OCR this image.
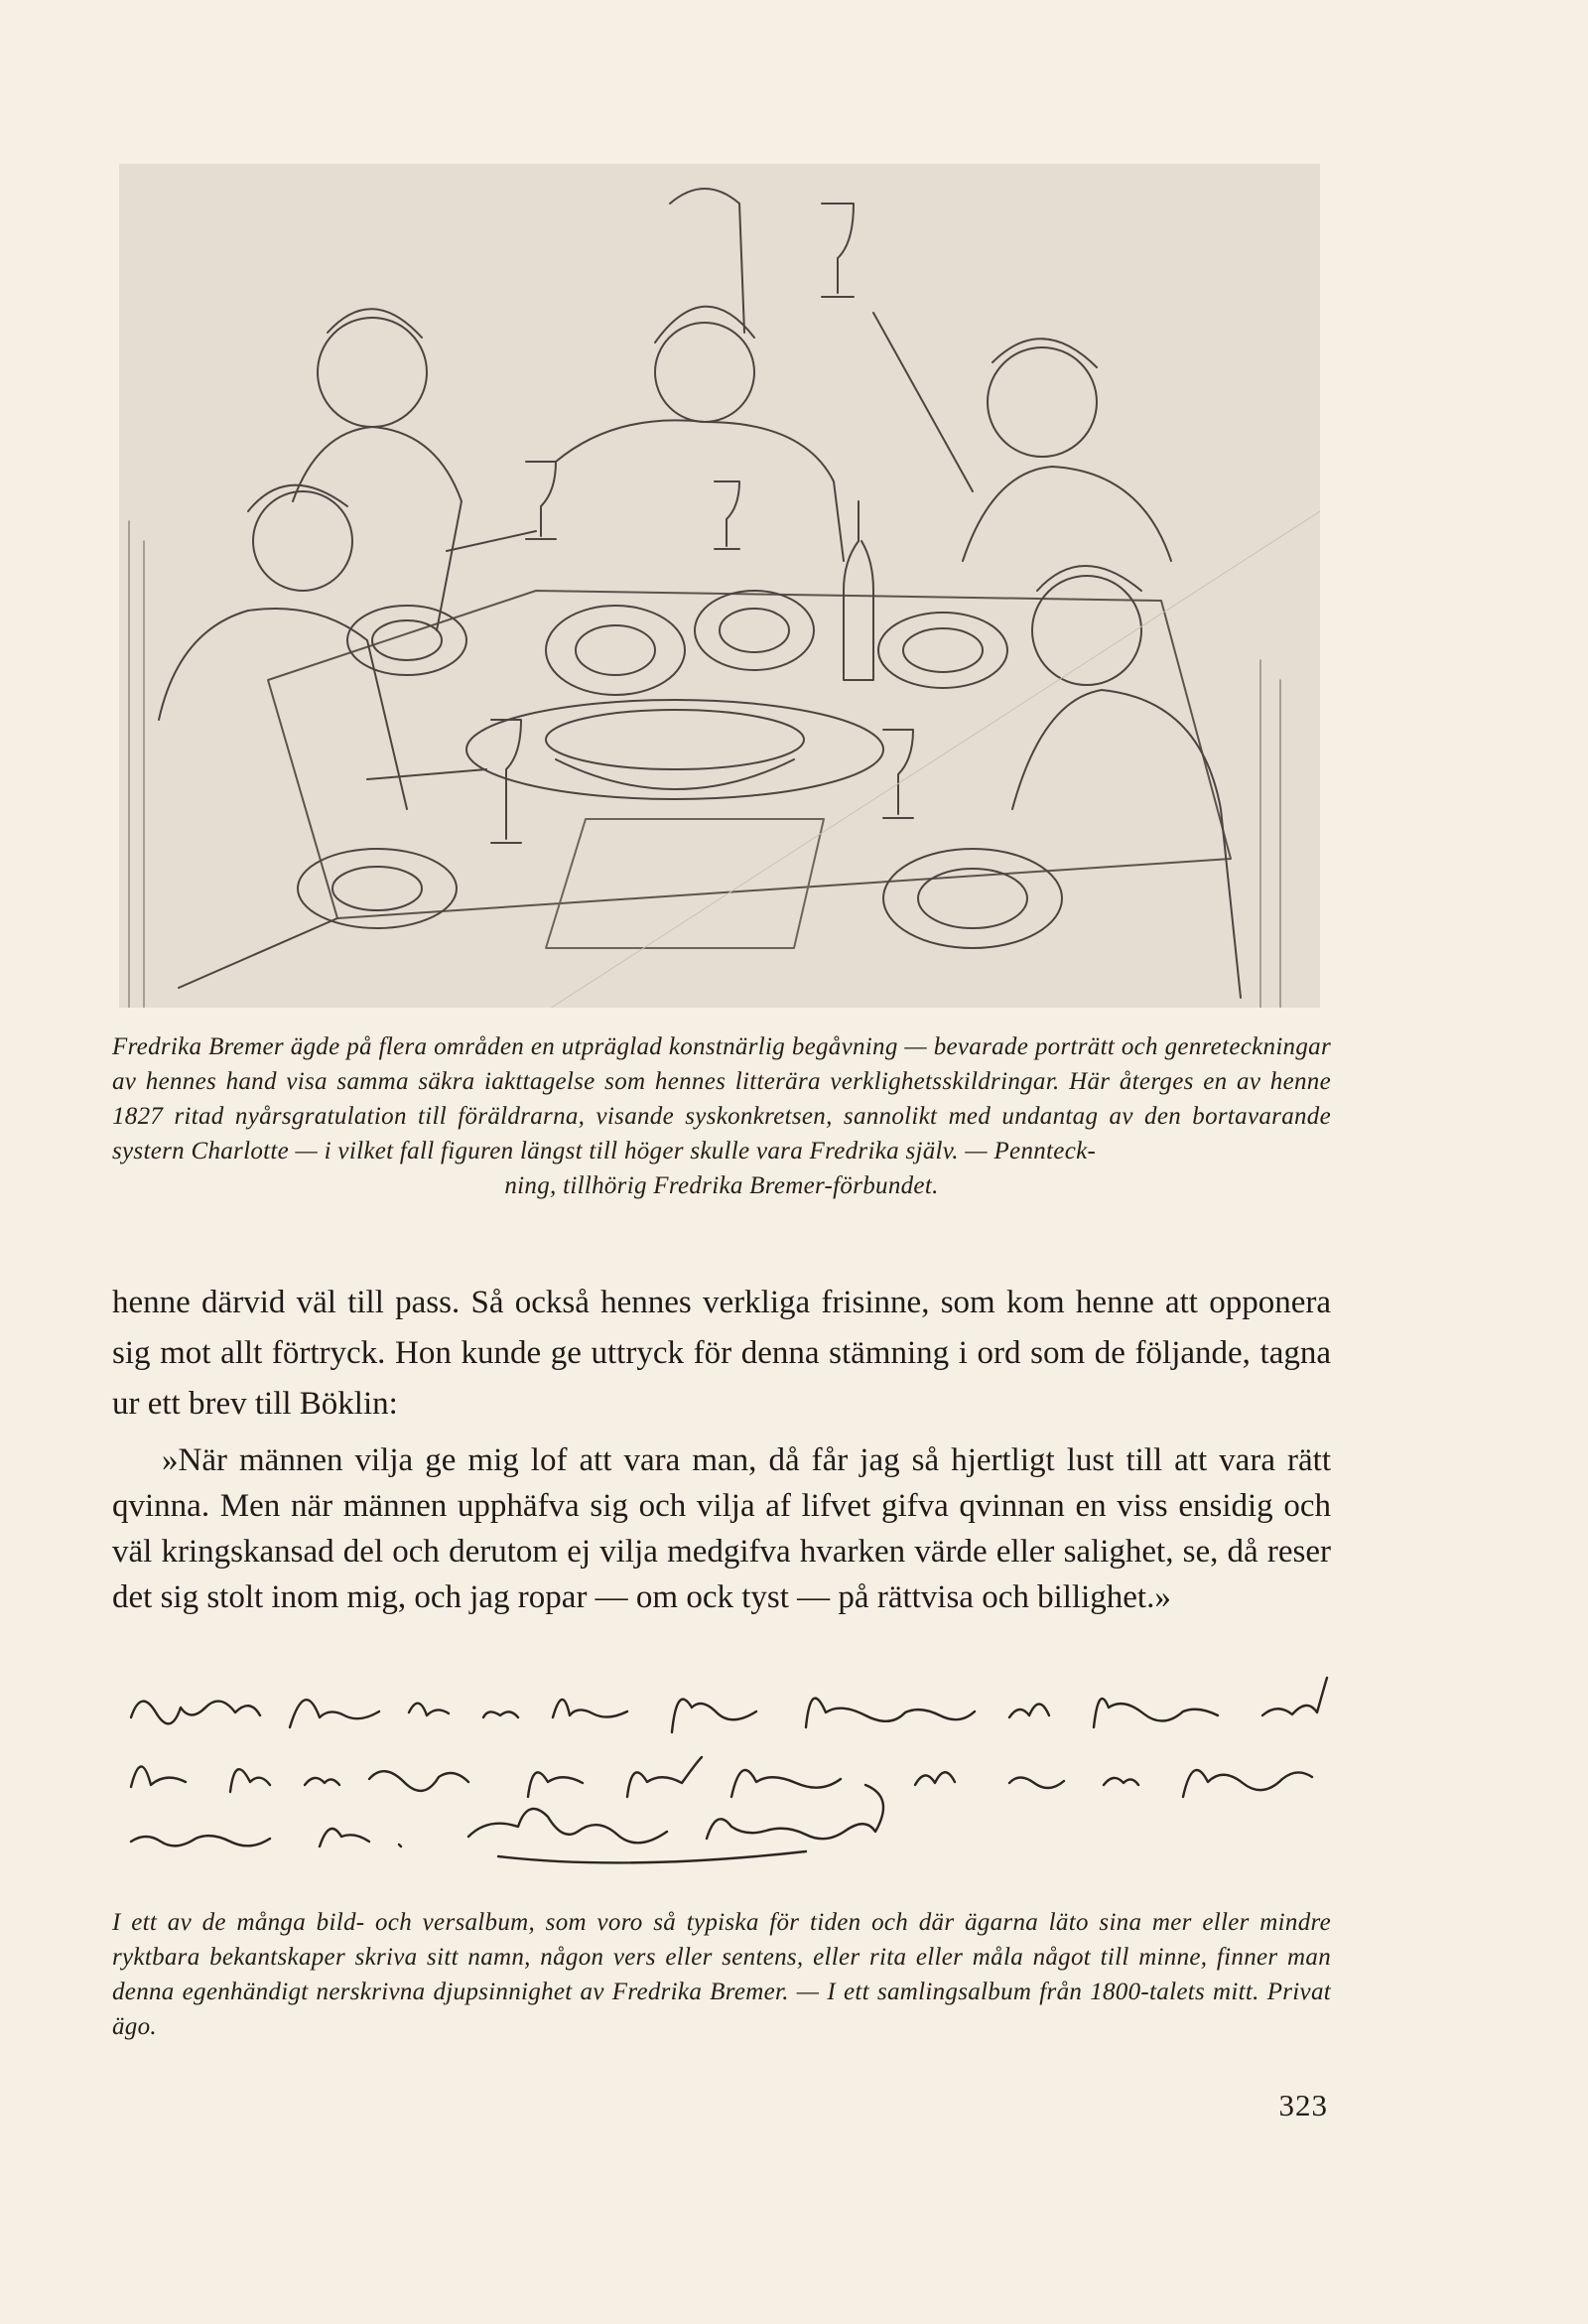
Fredrika Bremer ägde på flera områden en utpräglad konstnärlig begåvning — bevarade porträtt och genreteckningar av hennes hand visa samma säkra iakttagelse som hennes litterära verklighetsskildringar. Här återges en av henne 1827 ritad nyårsgratulation till föräldrarna, visande syskonkretsen, sannolikt med undantag av den bortavarande systern Charlotte — i vilket fall figuren längst till höger skulle vara Fredrika själv. — Pennteck-
ning, tillhörig Fredrika Bremer-förbundet.
henne därvid väl till pass. Så också hennes verkliga frisinne, som kom henne att opponera sig mot allt förtryck. Hon kunde ge uttryck för denna stämning i ord som de följande, tagna ur ett brev till Böklin:
»När männen vilja ge mig lof att vara man, då får jag så hjertligt lust till att vara rätt qvinna. Men när männen upphäfva sig och vilja af lifvet gifva qvinnan en viss ensidig och väl kringskansad del och derutom ej vilja medgifva hvarken värde eller salighet, se, då reser det sig stolt inom mig, och jag ropar — om ock tyst — på rättvisa och billighet.»
I ett av de många bild- och versalbum, som voro så typiska för tiden och där ägarna läto sina mer eller mindre ryktbara bekantskaper skriva sitt namn, någon vers eller sentens, eller rita eller måla något till minne, finner man denna egenhändigt nerskrivna djupsinnighet av Fredrika Bremer. — I ett samlingsalbum från 1800-talets mitt. Privat ägo.
323
